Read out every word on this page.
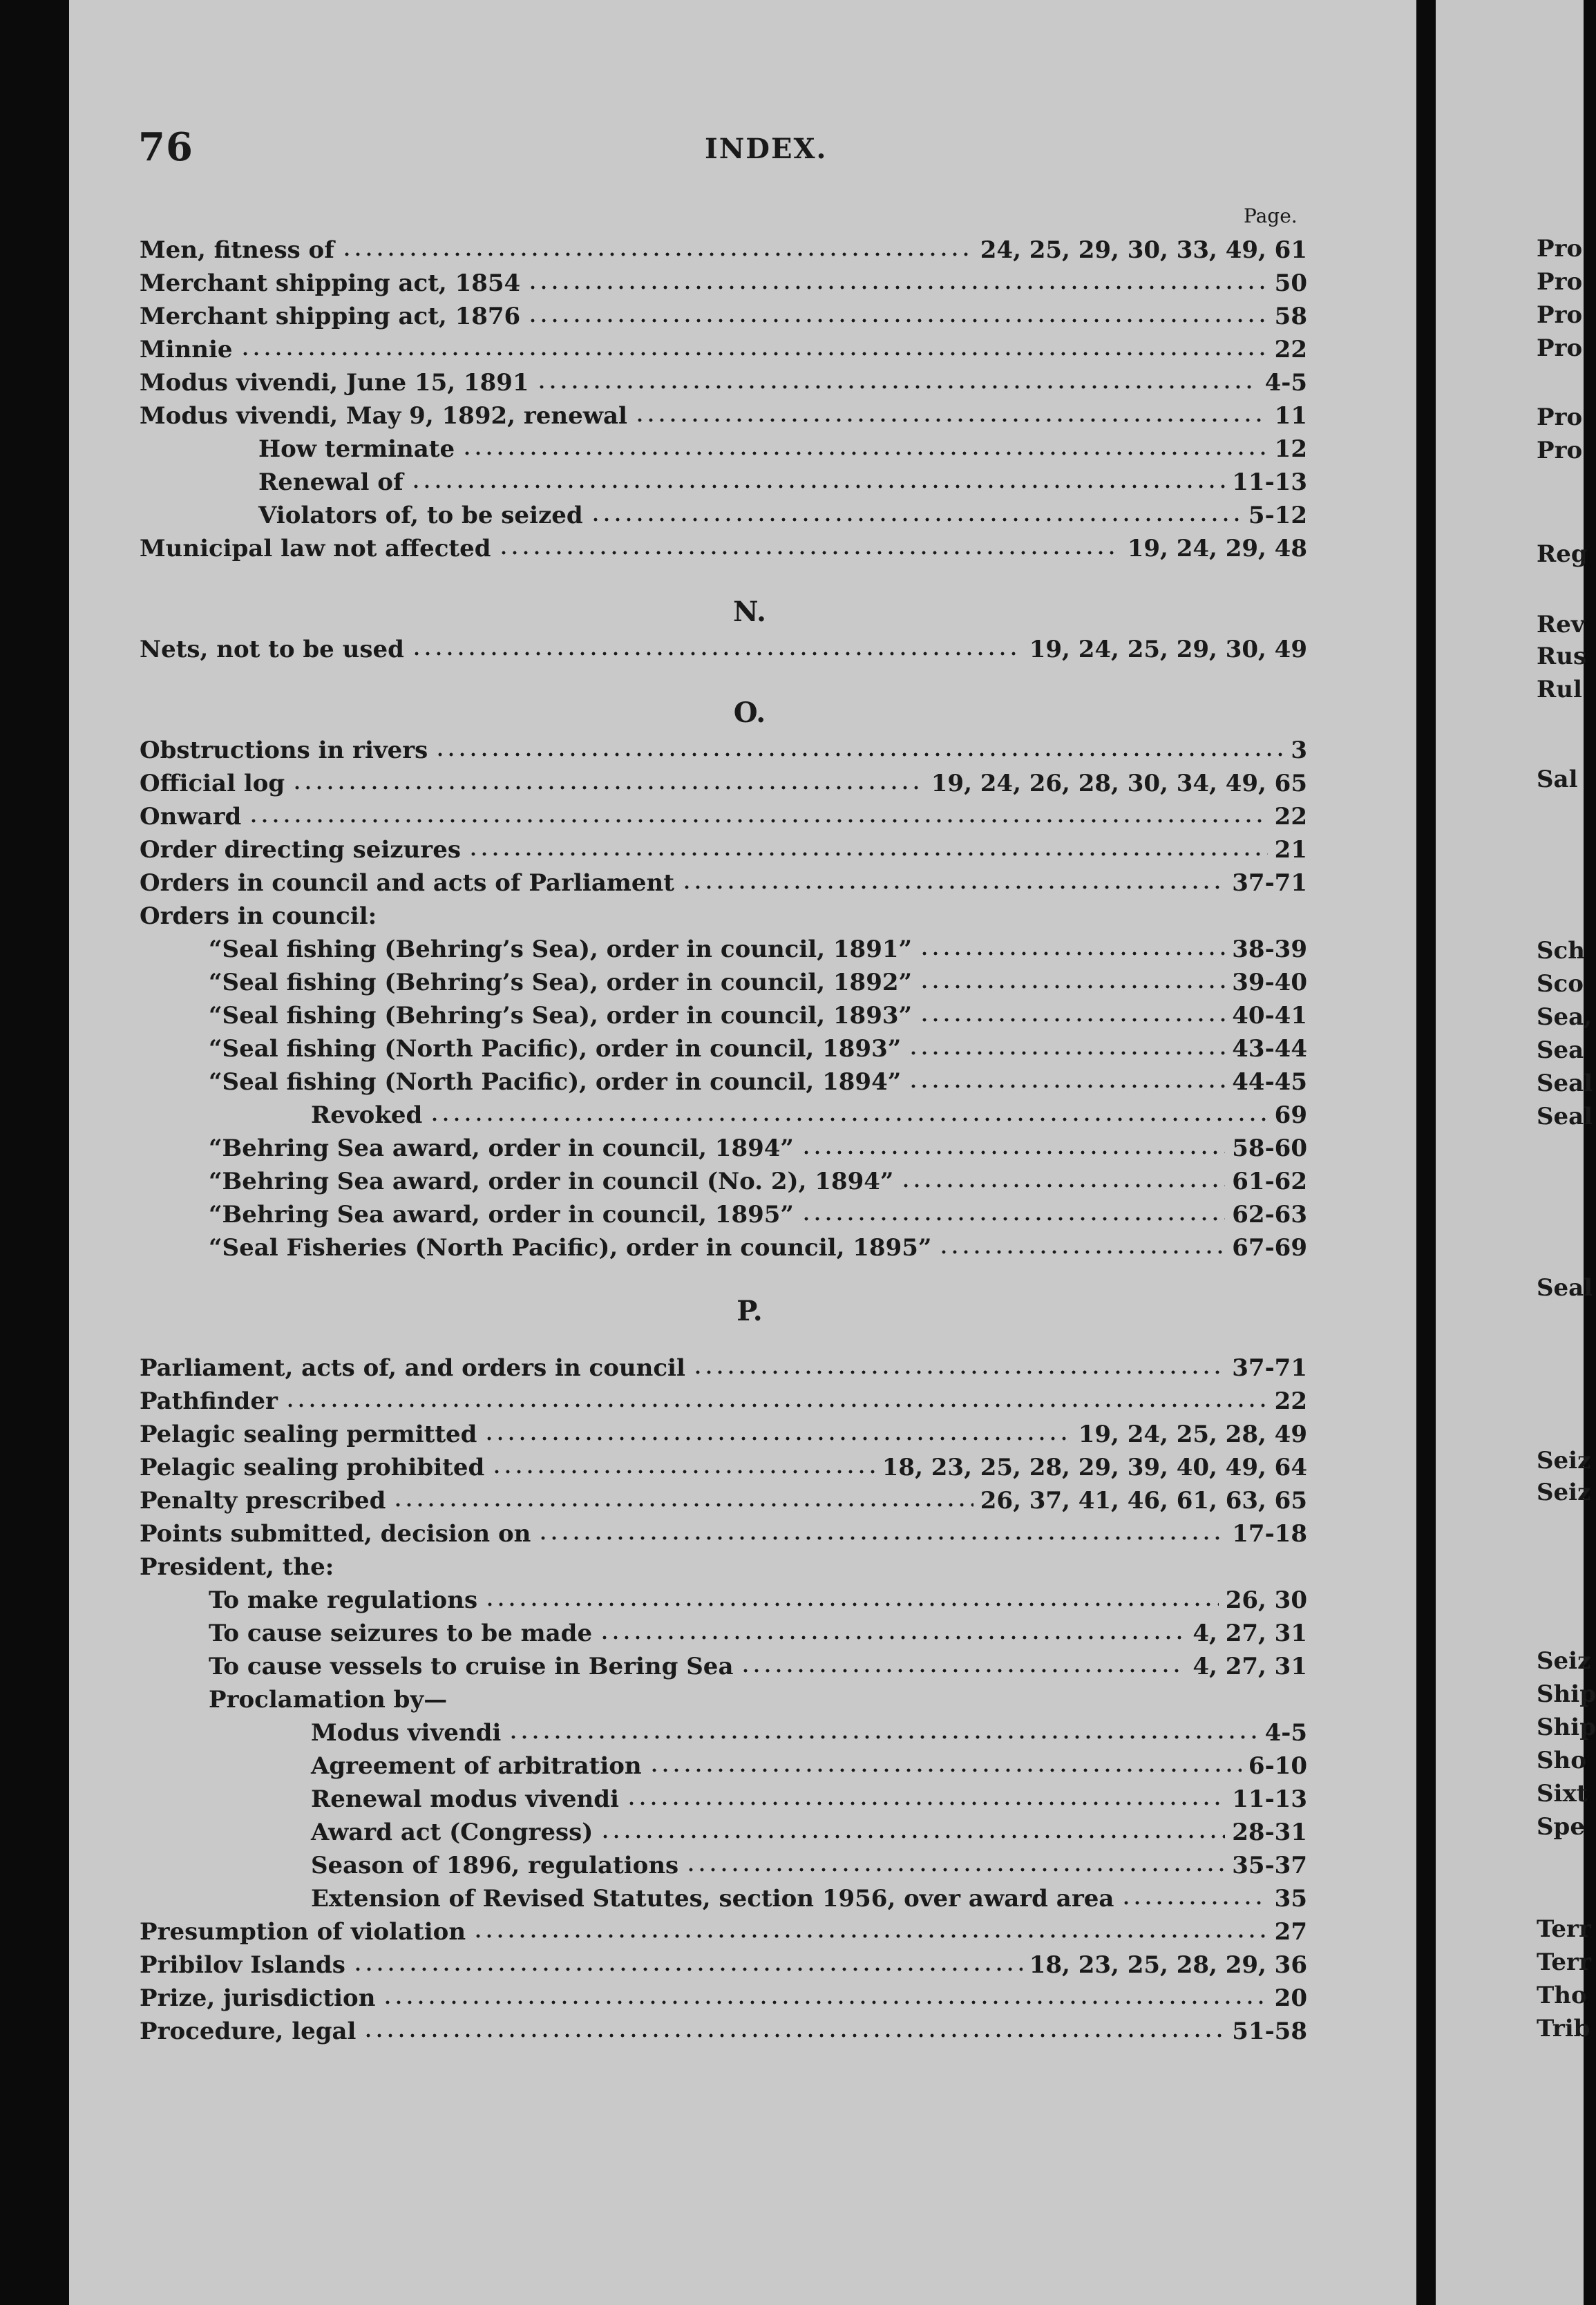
76	INDEX.
Page.
Men, fitness of	24, 25, 29, 30, 33, 49, 61
Merchant shipping act, 1854	50
Merchant shipping act, 1876	58
Minnie	22
Modus vivendi, June 15, 1891	4-5
Modus vivendi, May 9, 1892, renewal	11
How terminate	12
Renewal of	11-13
Violators of, to be seized	5-12
Municipal law not affected	19, 24, 29, 48
N.
Nets, not to be used	19, 24, 25, 29, 30, 49
O.
Obstructions in rivers	3
Official log	19, 24, 26, 28, 30, 34, 49, 65
Onward	22
Order directing seizures	21
Orders in council and acts of Parliament	37-71
Orders in council:
“Seal fishing (Behring’s Sea), order in council, 1891”	38-39
“Seal fishing (Behring’s Sea), order in council, 1892”	39-40
“Seal fishing (Behring’s Sea), order in council, 1893”	40-41
“Seal fishing (North Pacific), order in council, 1893”	43-44
“Seal fishing (North Pacific), order in council, 1894”	44-45
Revoked	69
“Behring Sea award, order in council, 1894”	58-60
“Behring Sea award, order in council (No. 2), 1894”	61-62
“Behring Sea award, order in council, 1895”	62-63
“Seal Fisheries (North Pacific), order in council, 1895”	67-69
P.
Parliament, acts of, and orders in council	37-71
Pathfinder	22
Pelagic sealing permitted	19, 24, 25, 28, 49
Pelagic sealing prohibited	18, 23, 25, 28, 29, 39, 40, 49, 64
Penalty prescribed	26, 37, 41, 46, 61, 63, 65
Points submitted, decision on	17-18
President, the:
To make regulations	26, 30
To cause seizures to be made	4, 27, 31
To cause vessels to cruise in Bering Sea	4, 27, 31
Proclamation by—
Modus vivendi	4-5
Agreement of arbitration	6-10
Renewal modus vivendi	11-13
Award act (Congress)	28-31
Season of 1896, regulations	35-37
Extension of Revised Statutes, section 1956, over award area	35
Presumption of violation	27
Pribilov Islands	18, 23, 25, 28, 29, 36
Prize, jurisdiction	20
Procedure, legal	51-58
Pro
Pro
Pro
Pro
Pro
Pro
Reg
Rev
Rus
Rul
Sal
Sch
Sco
Sea,
Sea
Seal
Seal
Seal
Seiz
Seiz
Seiz
Ship
Ship
Sho
Sixt
Spe
Terr
Terr
Tho
Trib
